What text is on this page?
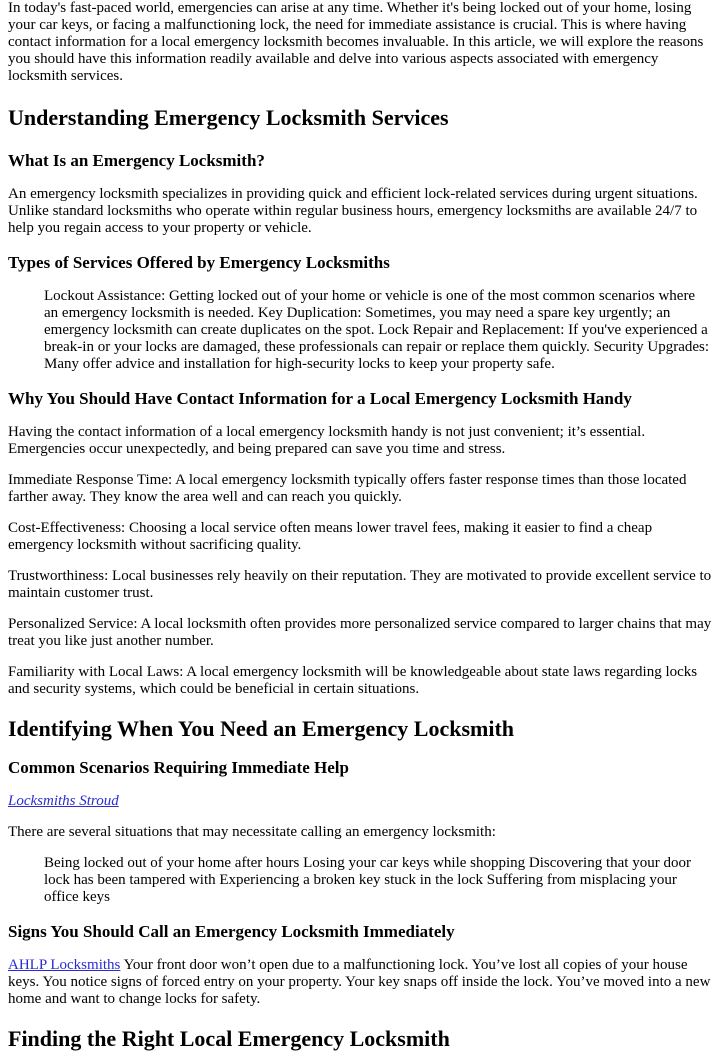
In today's fast-paced world, emergencies can arise at any time. Whether it's being locked out of your home, losing your car keys, or facing a malfunctioning lock, the need for immediate assistance is crucial. This is where having contact information for a local emergency locksmith becomes invaluable. In this article, we will explore the reasons you should have this information readily available and delve into various aspects associated with emergency locksmith services.

Understanding Emergency Locksmith Services
What Is an Emergency Locksmith?

An emergency locksmith specializes in providing quick and efficient lock-related services during urgent situations. Unlike standard locksmiths who operate within regular business hours, emergency locksmiths are available 24/7 to help you regain access to your property or vehicle.

Types of Services Offered by Emergency Locksmiths
Lockout Assistance: Getting locked out of your home or vehicle is one of the most common scenarios where an emergency locksmith is needed. Key Duplication: Sometimes, you may need a spare key urgently; an emergency locksmith can create duplicates on the spot. Lock Repair and Replacement: If you've experienced a break-in or your locks are damaged, these professionals can repair or replace them quickly. Security Upgrades: Many offer advice and installation for high-security locks to keep your property safe.
Why You Should Have Contact Information for a Local Emergency Locksmith Handy

Having the contact information of a local emergency locksmith handy is not just convenient; it’s essential. Emergencies occur unexpectedly, and being prepared can save you time and stress.

Immediate Response Time: A local emergency locksmith typically offers faster response times than those located farther away. They know the area well and can reach you quickly.

Cost-Effectiveness: Choosing a local service often means lower travel fees, making it easier to find a cheap emergency locksmith without sacrificing quality.

Trustworthiness: Local businesses rely heavily on their reputation. They are motivated to provide excellent service to maintain customer trust.

Personalized Service: A local locksmith often provides more personalized service compared to larger chains that may treat you like just another number.

Familiarity with Local Laws: A local emergency locksmith will be knowledgeable about state laws regarding locks and security systems, which could be beneficial in certain situations.

Identifying When You Need an Emergency Locksmith
Common Scenarios Requiring Immediate Help

Locksmiths Stroud

There are several situations that may necessitate calling an emergency locksmith:

Being locked out of your home after hours Losing your car keys while shopping Discovering that your door lock has been tampered with Experiencing a broken key stuck in the lock Suffering from misplacing your office keys
Signs You Should Call an Emergency Locksmith Immediately

AHLP Locksmiths Your front door won’t open due to a malfunctioning lock. You’ve lost all copies of your house keys. You notice signs of forced entry on your property. Your key snaps off inside the lock. You’ve moved into a new home and want to change locks for safety.

Finding the Right Local Emergency Locksmith
